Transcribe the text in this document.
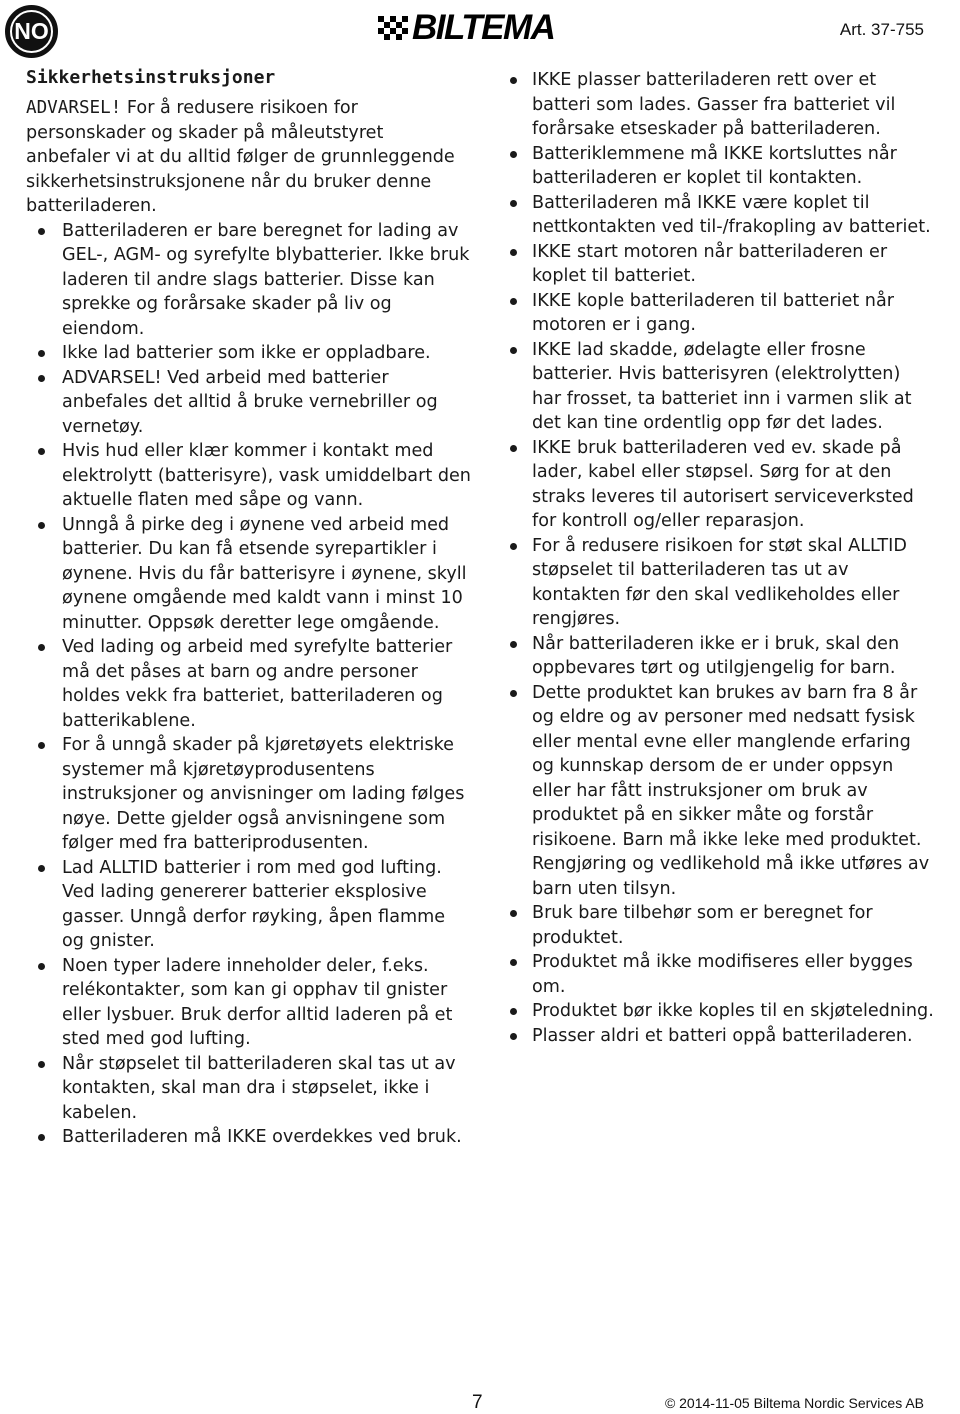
NO	BILTEMA	Art. 37-755
Sikkerhetsinstruksjoner

ADVARSEL! For å redusere risikoen for personskader og skader på måleutstyret anbefaler vi at du alltid følger de grunnleggende sikkerhetsinstruksjonene når du bruker denne batteriladeren.

Batteriladeren er bare beregnet for lading av GEL-, AGM- og syrefylte blybatterier. Ikke bruk laderen til andre slags batterier. Disse kan sprekke og forårsake skader på liv og eiendom.
Ikke lad batterier som ikke er oppladbare.
ADVARSEL! Ved arbeid med batterier anbefales det alltid å bruke vernebriller og vernetøy.
Hvis hud eller klær kommer i kontakt med elektrolytt (batterisyre), vask umiddelbart den aktuelle flaten med såpe og vann.
Unngå å pirke deg i øynene ved arbeid med batterier. Du kan få etsende syrepartikler i øynene. Hvis du får batterisyre i øynene, skyll øynene omgående med kaldt vann i minst 10 minutter. Oppsøk deretter lege omgående.
Ved lading og arbeid med syrefylte batterier må det påses at barn og andre personer holdes vekk fra batteriet, batteriladeren og batterikablene.
For å unngå skader på kjøretøyets elektriske systemer må kjøretøyprodusentens instruksjoner og anvisninger om lading følges nøye. Dette gjelder også anvisningene som følger med fra batteriprodusenten.
Lad ALLTID batterier i rom med god lufting. Ved lading genererer batterier eksplosive gasser. Unngå derfor røyking, åpen flamme og gnister.
Noen typer ladere inneholder deler, f.eks. relékontakter, som kan gi opphav til gnister eller lysbuer. Bruk derfor alltid laderen på et sted med god lufting.
Når støpselet til batteriladeren skal tas ut av kontakten, skal man dra i støpselet, ikke i kabelen.
Batteriladeren må IKKE overdekkes ved bruk.
IKKE plasser batteriladeren rett over et batteri som lades. Gasser fra batteriet vil forårsake etseskader på batteriladeren.
Batteriklemmene må IKKE kortsluttes når batteriladeren er koplet til kontakten.
Batteriladeren må IKKE være koplet til nettkontakten ved til-/frakopling av batteriet.
IKKE start motoren når batteriladeren er koplet til batteriet.
IKKE kople batteriladeren til batteriet når motoren er i gang.
IKKE lad skadde, ødelagte eller frosne batterier. Hvis batterisyren (elektrolytten) har frosset, ta batteriet inn i varmen slik at det kan tine ordentlig opp før det lades.
IKKE bruk batteriladeren ved ev. skade på lader, kabel eller støpsel. Sørg for at den straks leveres til autorisert serviceverksted for kontroll og/eller reparasjon.
For å redusere risikoen for støt skal ALLTID støpselet til batteriladeren tas ut av kontakten før den skal vedlikeholdes eller rengjøres.
Når batteriladeren ikke er i bruk, skal den oppbevares tørt og utilgjengelig for barn.
Dette produktet kan brukes av barn fra 8 år og eldre og av personer med nedsatt fysisk eller mental evne eller manglende erfaring og kunnskap dersom de er under oppsyn eller har fått instruksjoner om bruk av produktet på en sikker måte og forstår risikoene. Barn må ikke leke med produktet. Rengjøring og vedlikehold må ikke utføres av barn uten tilsyn.
Bruk bare tilbehør som er beregnet for produktet.
Produktet må ikke modifiseres eller bygges om.
Produktet bør ikke koples til en skjøteledning.
Plasser aldri et batteri oppå batteriladeren.
7	© 2014-11-05 Biltema Nordic Services AB
